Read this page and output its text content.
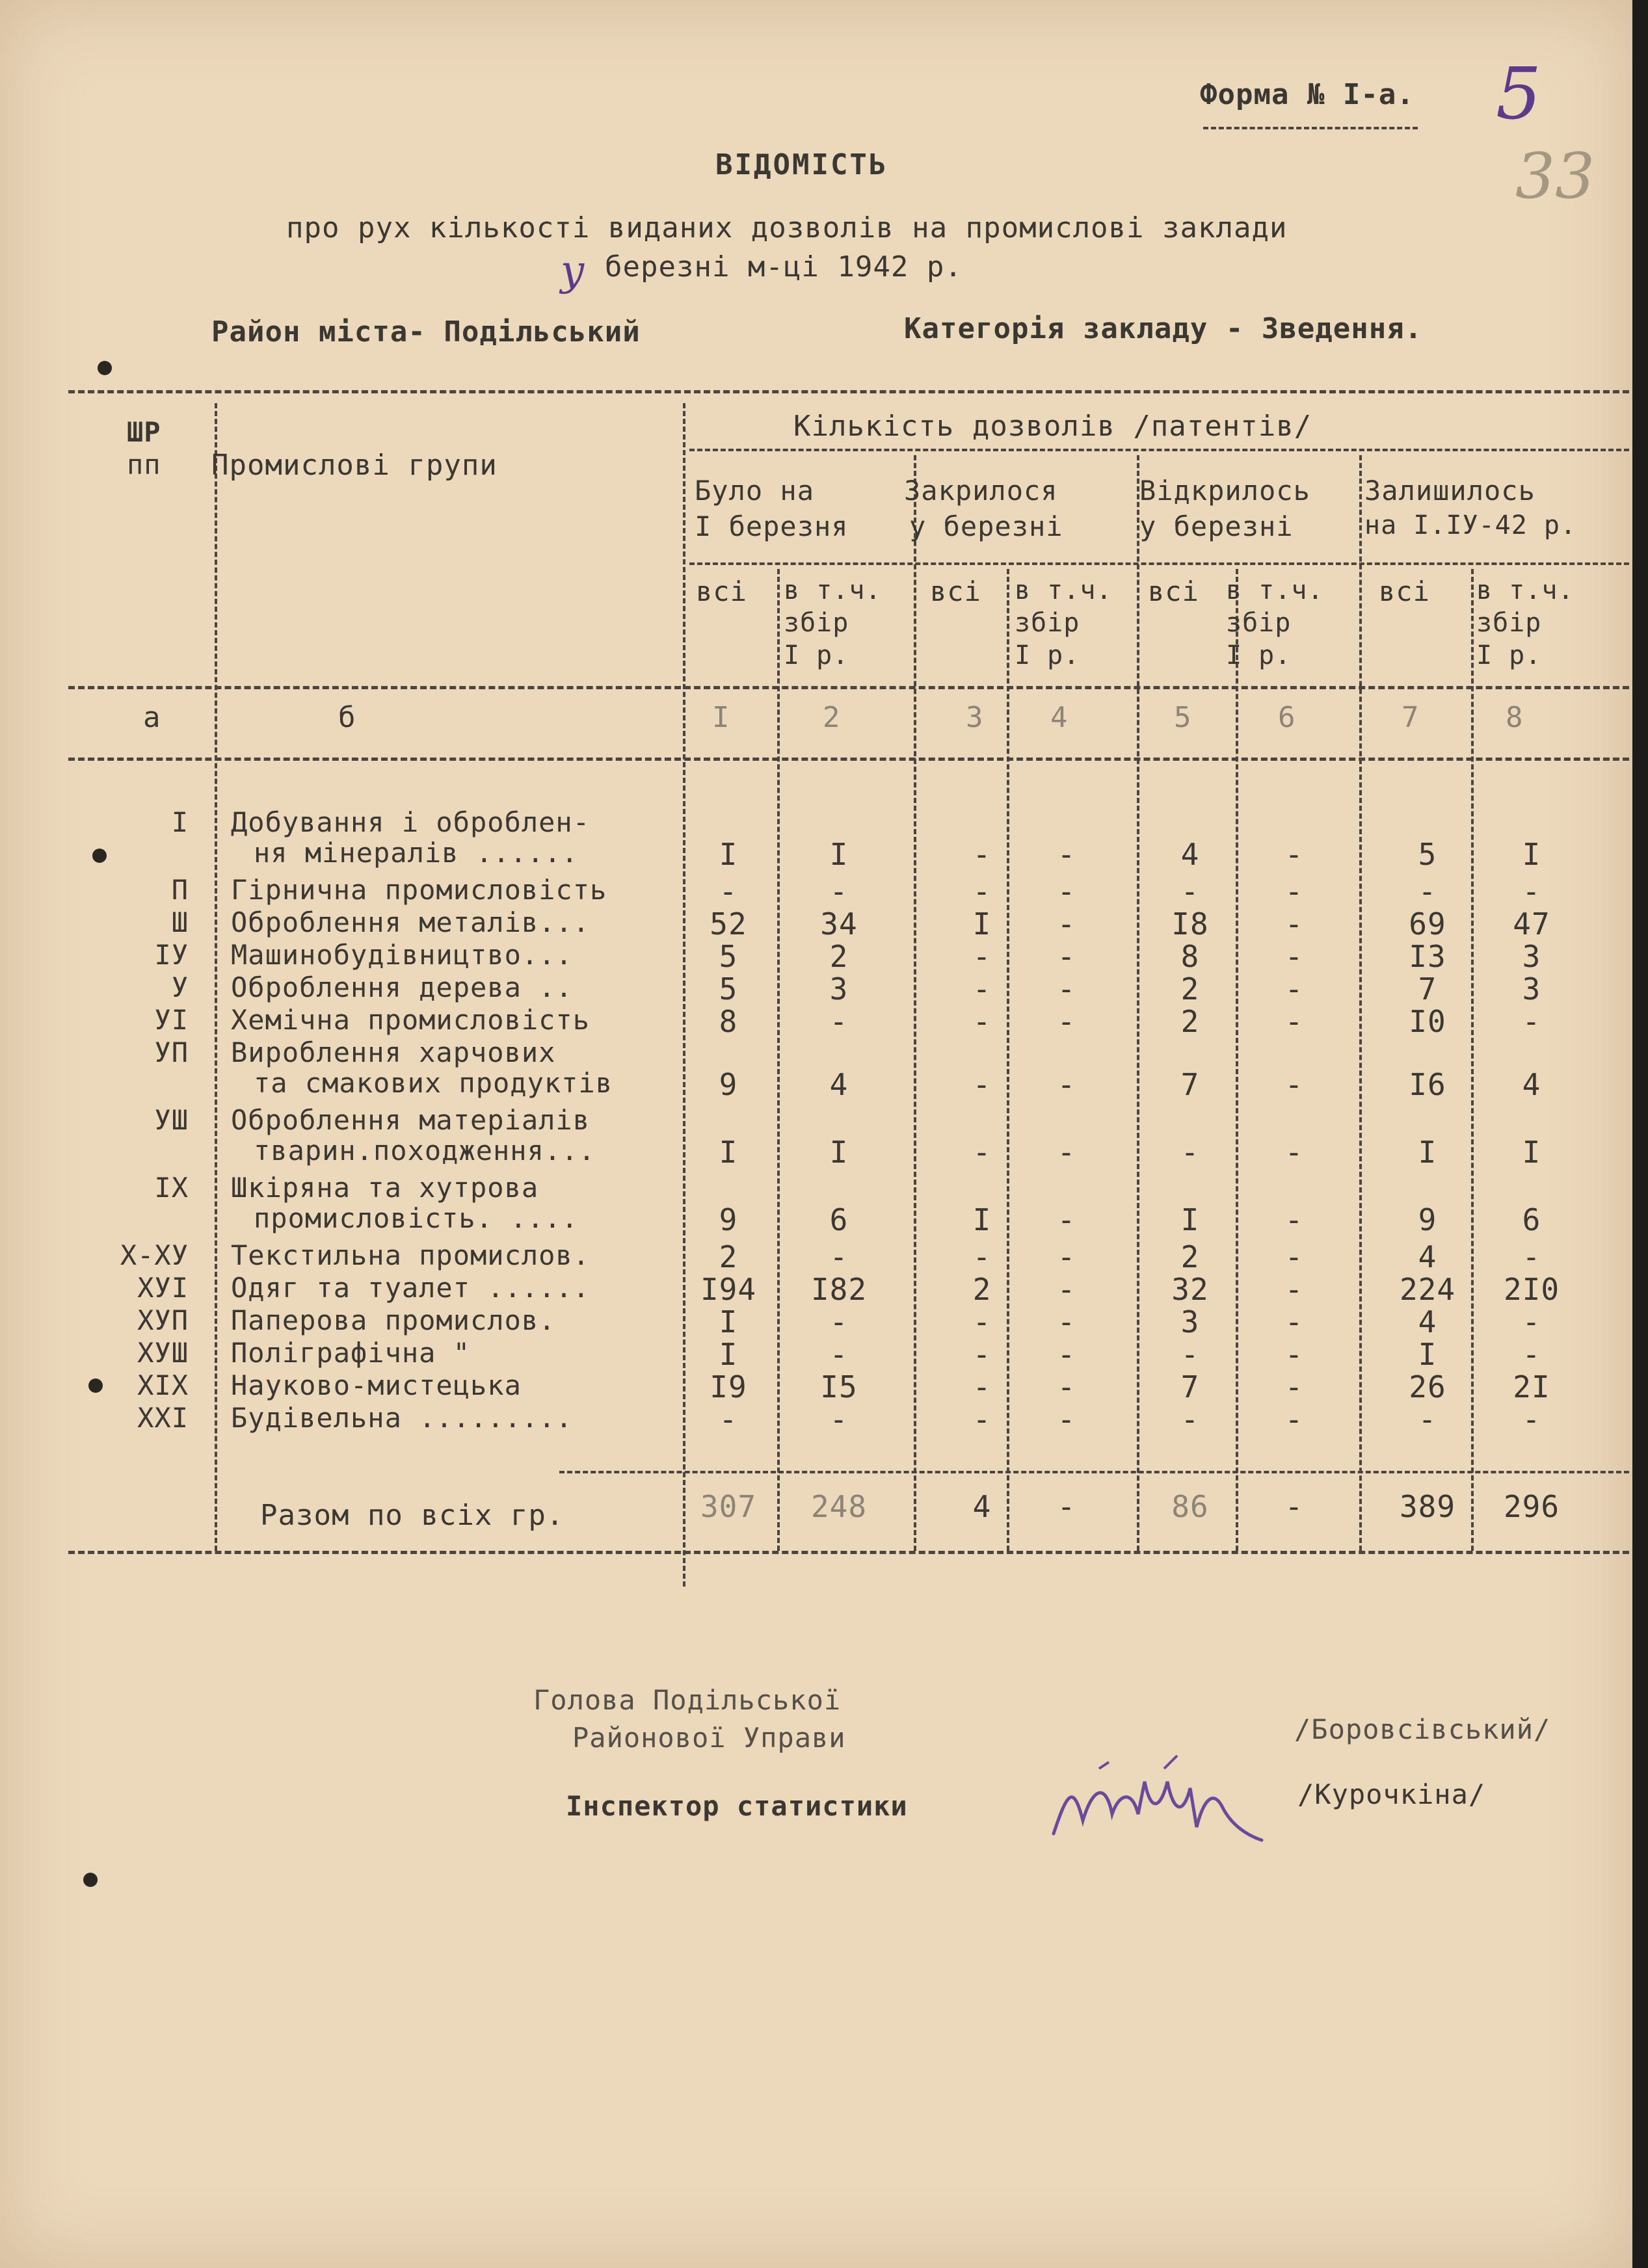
Форма № I-а. 5
33
ВІДОМІСТЬ
про рух кількості виданих дозволів на промислові заклади
у березні м-ці 1942 р.
Район міста- Подільський	Категорія закладу - Зведення.
ШР
пп Промислові групи
Кількість дозволів /патентів/
Було на
I березня
Закрилося
у березні
Відкрилось
у березні
Залишилось
на I.IУ-42 р.
всі в т.ч.
збір
I р.
всі в т.ч.
збір
I р.
всі в т.ч.
збір
I р.
всі в т.ч.
збір
I р.
а	б	I	2	3 4	5	6	7	8
I Добування і оброблен-
ня мінералів ......	I	I	-	-	4	-	5	I
П Гірнична промисловість	-	-	-	-	-	-	-	-
Ш Оброблення металів...	52	34	I	-	I8	-	69	47
IУ Машинобудівництво...	5	2	-	-	8	-	I3	3
У Оброблення дерева ..	5	3	-	-	2	-	7	3
УI Хемічна промисловість	8	-	-	-	2	-	I0	-
УП Вироблення харчових
та смакових продуктів	9	4	-	-	7	-	I6	4
УШ Оброблення матеріалів
тварин.походження...	I	I	-	-	-	-	I	I
IX Шкіряна та хутрова
промисловість. ....	9	6	I	-	I	-	9	6
X-XУ Текстильна промислов.	2	-	-	-	2	-	4	-
XУI Одяг та туалет ......	I94	I82	2	-	32	-	224	2I0
XУП Паперова промислов.	I	-	-	-	3	-	4	-
XУШ Поліграфічна "	I	-	-	-	-	-	I	-
XIX Науково-мистецька	I9	I5	-	-	7	-	26	2I
XXI Будівельна .........	-	-	-	-	-	-	-	-
Разом по всіх гр.	307	248	4	-	86	-	389	296
Голова Подільської
Районової Управи	/Боровсівський/
Інспектор статистики	/Курочкіна/
